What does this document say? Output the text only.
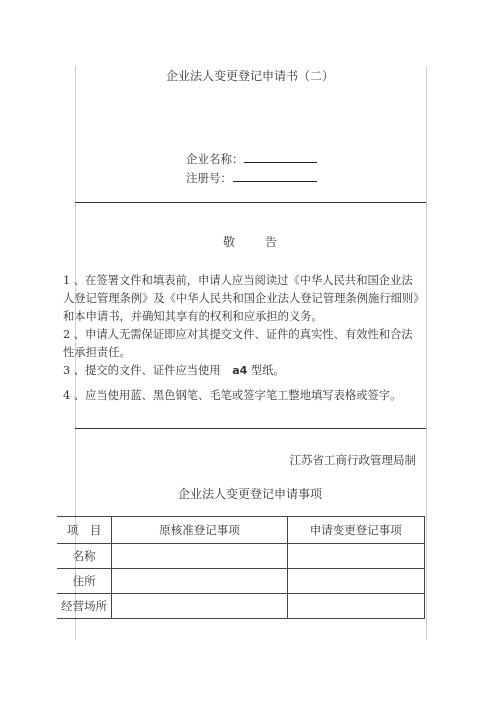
企业法人变更登记申请书（二）
企业名称：
注册号：
敬	告
1 、在签署文件和填表前，申请人应当阅读过《中华人民共和国企业法人登记管理条例》及《中华人民共和国企业法人登记管理条例施行细则》和本申请书，并确知其享有的权利和应承担的义务。
2 、申请人无需保证即应对其提交文件、证件的真实性、有效性和合法性承担责任。
3 、提交的文件、证件应当使用 a4 型纸。
4 、应当使用蓝、黑色钢笔、毛笔或签字笔工整地填写表格或签字。
江苏省工商行政管理局制
企业法人变更登记申请事项
项　目	原核准登记事项	申请变更登记事项
名称		
住所		
经营场所		
